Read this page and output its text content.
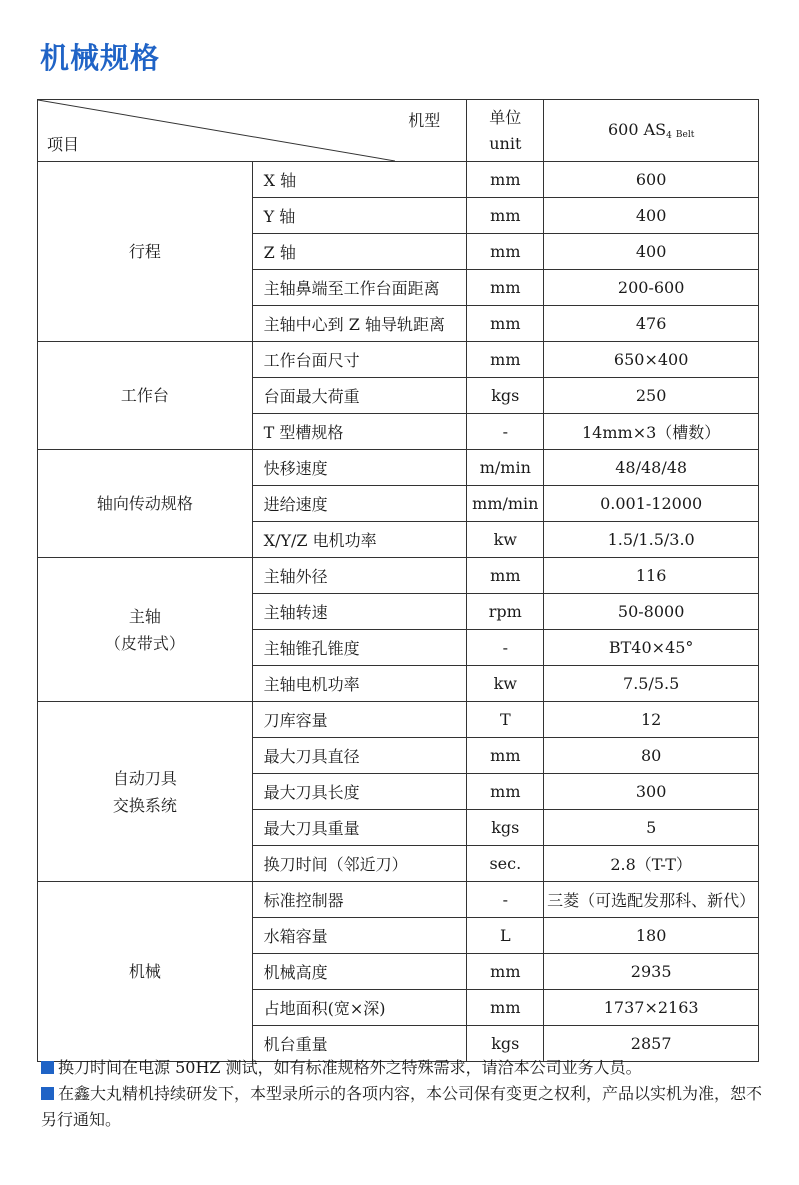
机械规格
机型
项目		单位
unit	600 $AS_4$ Belt
行程	X 轴	mm	600
	Y 轴	mm	400
	Z 轴	mm	400
	主轴鼻端至工作台面距离	mm	200-600
	主轴中心到 Z 轴导轨距离	mm	476
工作台	工作台面尺寸	mm	650×400
	台面最大荷重	kgs	250
	T 型槽规格	-	14mm×3（槽数）
轴向传动规格	快移速度	m/min	48/48/48
	进给速度	mm/min	0.001-12000
	X/Y/Z 电机功率	kw	1.5/1.5/3.0
主轴
（皮带式）	主轴外径	mm	116
	主轴转速	rpm	50-8000
	主轴锥孔锥度	-	BT40×45°
	主轴电机功率	kw	7.5/5.5
自动刀具
交换系统	刀库容量	T	12
	最大刀具直径	mm	80
	最大刀具长度	mm	300
	最大刀具重量	kgs	5
	换刀时间（邻近刀）	sec.	2.8（T-T）
机械	标准控制器	-	三菱（可选配发那科、新代）
	水箱容量	L	180
	机械高度	mm	2935
	占地面积(宽×深)	mm	1737×2163
	机台重量	kgs	2857

换刀时间在电源 50HZ 测试，如有标准规格外之特殊需求，请洽本公司业务人员。

在鑫大丸精机持续研发下，本型录所示的各项内容，本公司保有变更之权利，产品以实机为准，恕不另行通知。
